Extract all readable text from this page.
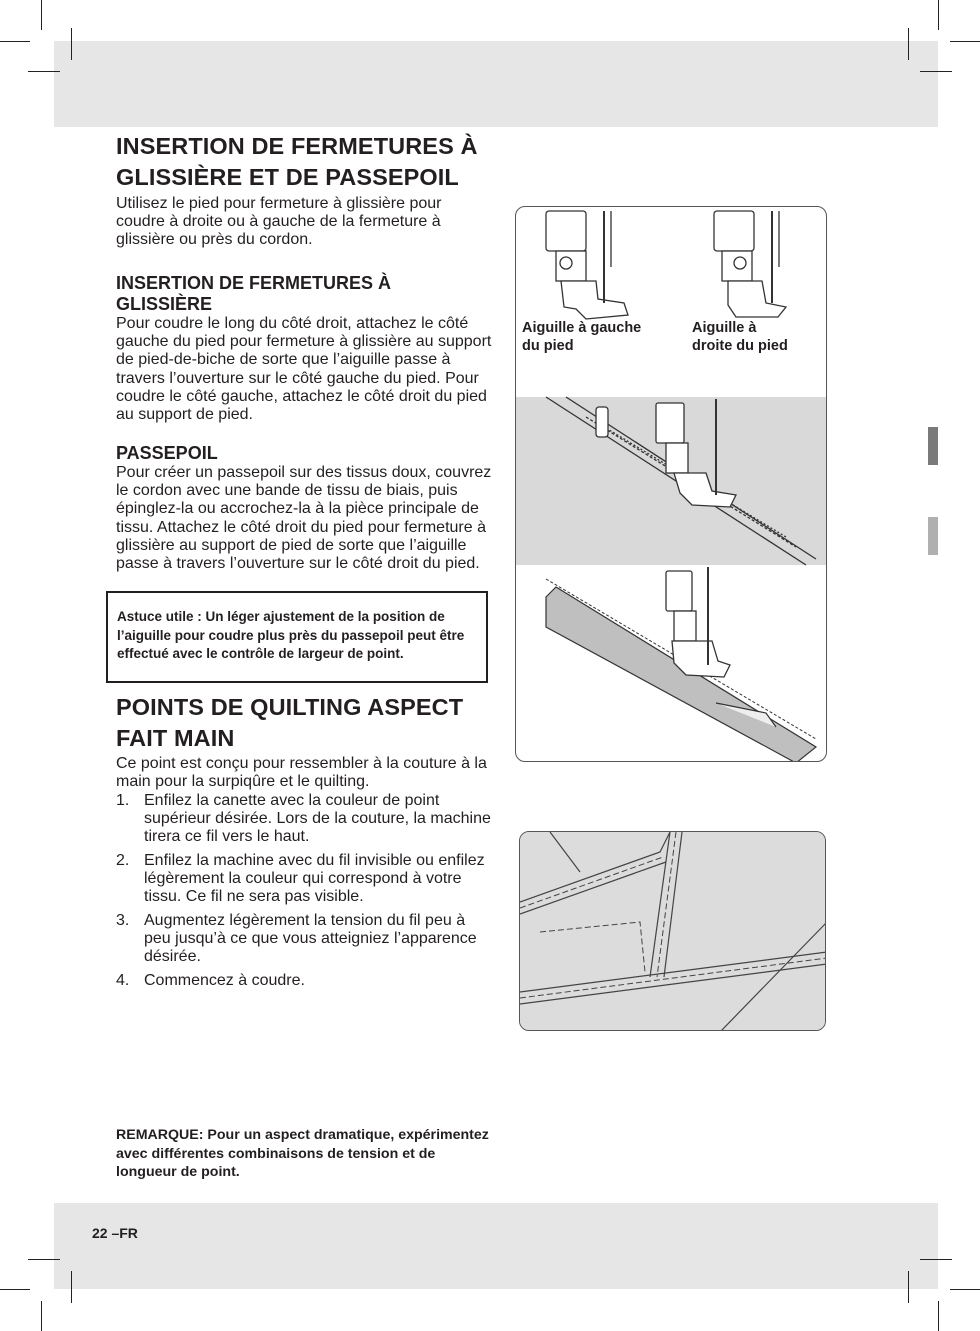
INSERTION DE FERMETURES À
GLISSIÈRE ET DE PASSEPOIL

Utilisez le pied pour fermeture à glissière pour coudre à droite ou à gauche de la fermeture à glissière ou près du cordon.

INSERTION DE FERMETURES À
GLISSIÈRE

Pour coudre le long du côté droit, attachez le côté gauche du pied pour fermeture à glissière au support de pied-de-biche de sorte que l’aiguille passe à travers l’ouverture sur le côté gauche du pied. Pour coudre le côté gauche, attachez le côté droit du pied au support de pied.

PASSEPOIL

Pour créer un passepoil sur des tissus doux, couvrez le cordon avec une bande de tissu de biais, puis épinglez-la ou accrochez-la à la pièce principale de tissu. Attachez le côté droit du pied pour fermeture à glissière au support de pied de sorte que l’aiguille passe à travers l’ouverture sur le côté droit du pied.

Astuce utile : Un léger ajustement de la position de l’aiguille pour coudre plus près du passepoil peut être effectué avec le contrôle de largeur de point.
POINTS DE QUILTING ASPECT
FAIT MAIN

Ce point est conçu pour ressembler à la couture à la main pour la surpiqûre et le quilting.

1. Enfilez la canette avec la couleur de point supérieur désirée. Lors de la couture, la machine tirera ce fil vers le haut.
2. Enfilez la machine avec du fil invisible ou enfilez légèrement la couleur qui correspond à votre tissu. Ce fil ne sera pas visible.
3. Augmentez légèrement la tension du fil peu à peu jusqu’à ce que vous atteigniez l’apparence désirée.
4. Commencez à coudre.
REMARQUE: Pour un aspect dramatique, expérimentez avec différentes combinaisons de tension et de longueur de point.
22 –FR
Aiguille à gauche
du pied
Aiguille à
droite du pied
